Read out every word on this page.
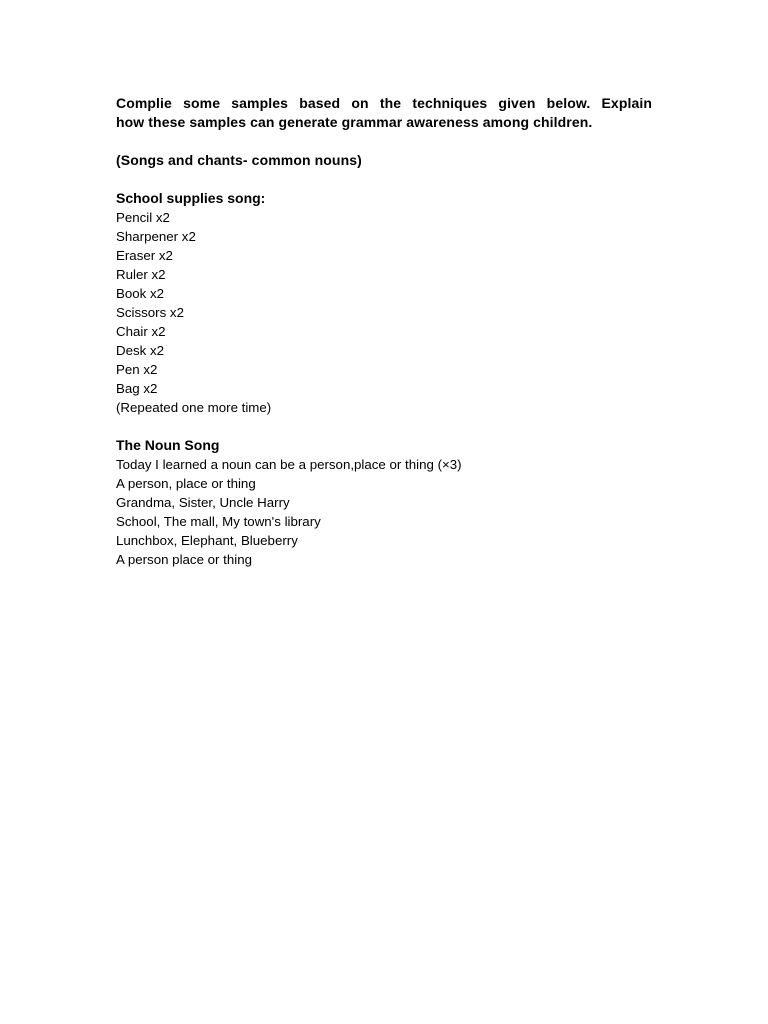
Complie some samples based on the techniques given below. Explain
how these samples can generate grammar awareness among children.

(Songs and chants- common nouns)

School supplies song:

Pencil x2
Sharpener x2
Eraser x2
Ruler x2
Book x2
Scissors x2
Chair x2
Desk x2
Pen x2
Bag x2
(Repeated one more time)

The Noun Song

Today I learned a noun can be a person,place or thing (×3)
A person, place or thing
Grandma, Sister, Uncle Harry
School, The mall, My town's library
Lunchbox, Elephant, Blueberry
A person place or thing
